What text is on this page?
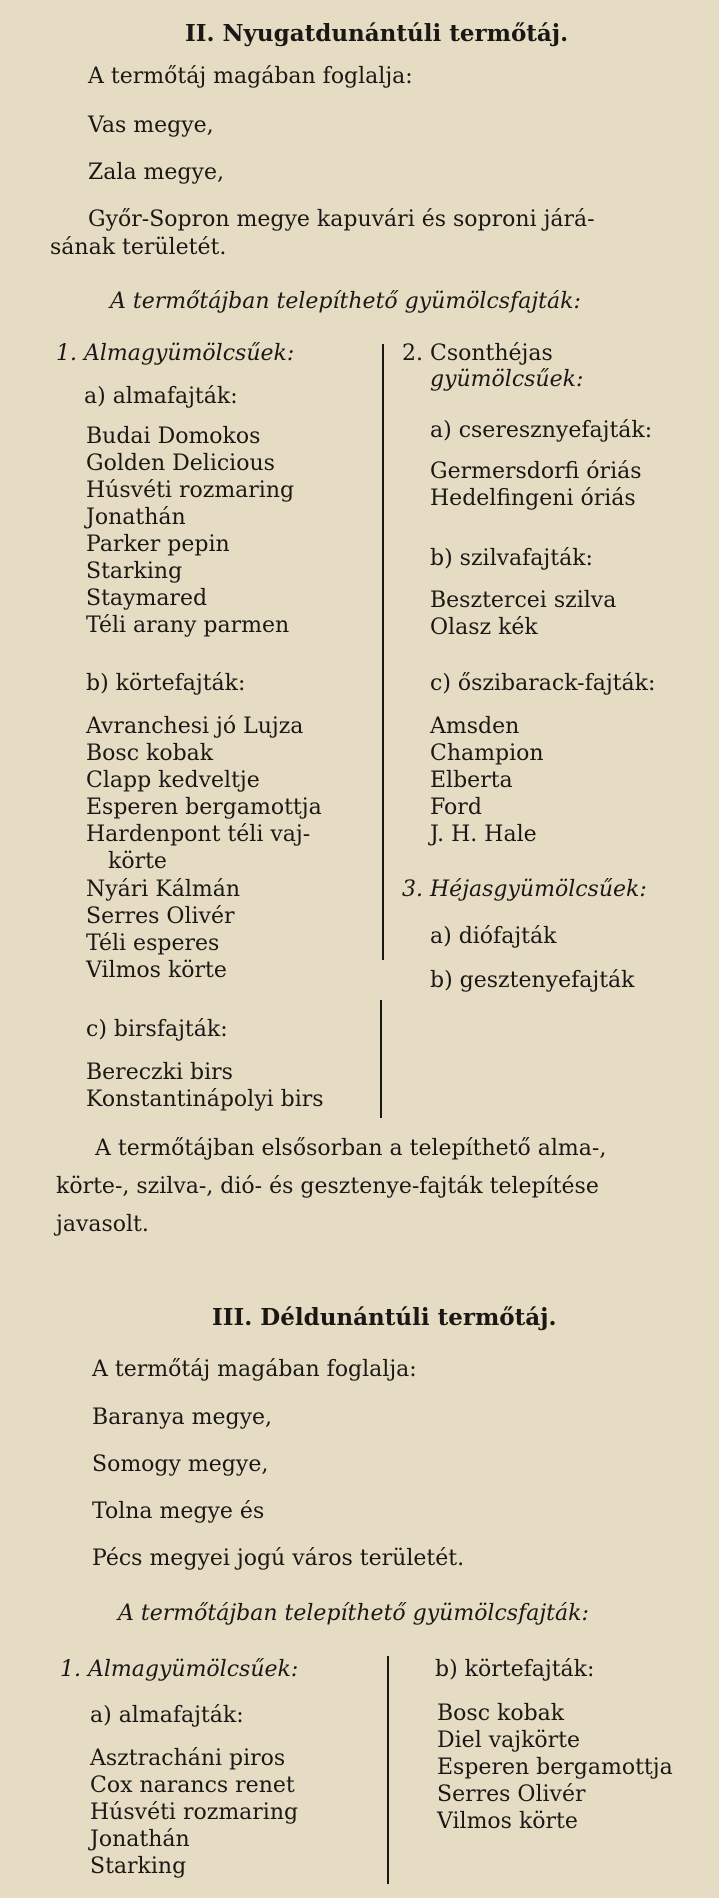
II. Nyugatdunántúli termőtáj.
A termőtáj magában foglalja:
Vas megye,
Zala megye,
Győr-Sopron megye kapuvári és soproni járá-
sának területét.
A termőtájban telepíthető gyümölcsfajták:
1. Almagyümölcsűek:
a) almafajták:
Budai Domokos
Golden Delicious
Húsvéti rozmaring
Jonathán
Parker pepin
Starking
Staymared
Téli arany parmen
b) körtefajták:
Avranchesi jó Lujza
Bosc kobak
Clapp kedveltje
Esperen bergamottja
Hardenpont téli vaj-
körte
Nyári Kálmán
Serres Olivér
Téli esperes
Vilmos körte
c) birsfajták:
Bereczki birs
Konstantinápolyi birs
2. Csonthéjas
gyümölcsűek:
a) cseresznyefajták:
Germersdorfi óriás
Hedelfingeni óriás
b) szilvafajták:
Besztercei szilva
Olasz kék
c) őszibarack-fajták:
Amsden
Champion
Elberta
Ford
J. H. Hale
3. Héjasgyümölcsűek:
a) diófajták
b) gesztenyefajták
A termőtájban elsősorban a telepíthető alma-,
körte-, szilva-, dió- és gesztenye-fajták telepítése
javasolt.
III. Déldunántúli termőtáj.
A termőtáj magában foglalja:
Baranya megye,
Somogy megye,
Tolna megye és
Pécs megyei jogú város területét.
A termőtájban telepíthető gyümölcsfajták:
1. Almagyümölcsűek:
a) almafajták:
Asztracháni piros
Cox narancs renet
Húsvéti rozmaring
Jonathán
Starking
b) körtefajták:
Bosc kobak
Diel vajkörte
Esperen bergamottja
Serres Olivér
Vilmos körte
